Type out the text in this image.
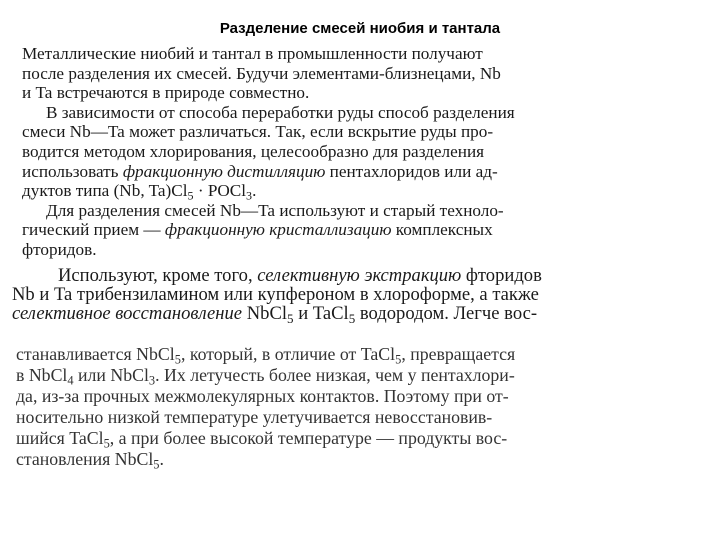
Разделение смесей ниобия и тантала
Металлические ниобий и тантал в промышленности получают
после разделения их смесей. Будучи элементами-близнецами, Nb
и Ta встречаются в природе совместно.
В зависимости от способа переработки руды способ разделения
смеси Nb—Ta может различаться. Так, если вскрытие руды про-
водится методом хлорирования, целесообразно для разделения
использовать фракционную дистилляцию пентахлоридов или ад-
дуктов типа (Nb, $Ta)Cl_5$ · POCl$_3$.
Для разделения смесей Nb—Ta используют и старый техноло-
гический прием — фракционную кристаллизацию комплексных
фторидов.
Используют, кроме того, селективную экстракцию фторидов
Nb и Ta трибензиламином или купфероном в хлороформе, а также
селективное восстановление NbCl$_5$ и TaCl$_5$ водородом. Легче вос-
станавливается NbCl$_5$, который, в отличие от TaCl$_5$, превращается
в NbCl$_4$ или NbCl$_3$. Их летучесть более низкая, чем у пентахлори-
да, из-за прочных межмолекулярных контактов. Поэтому при от-
носительно низкой температуре улетучивается невосстановив-
шийся TaCl$_5$, а при более высокой температуре — продукты вос-
становления NbCl$_5$.
